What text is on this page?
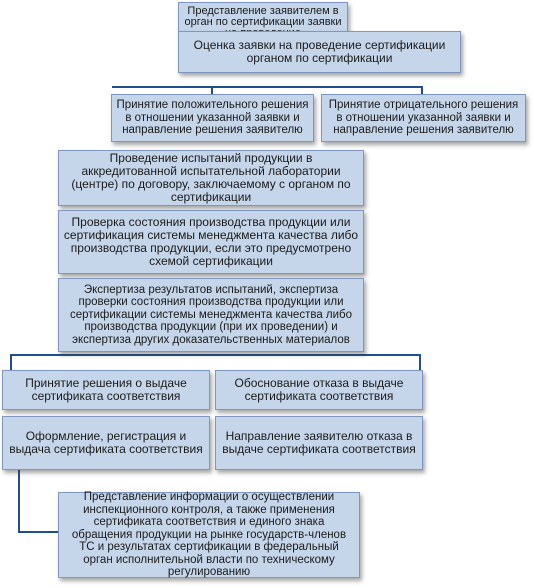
Представление заявителем в орган по сертификации заявки
Оценка заявки на проведение сертификации органом по сертификации
Принятие положительного решения в отношении указанной заявки и направление решения заявителю
Принятие отрицательного решения в отношении указанной заявки и направление решения заявителю
Проведение испытаний продукции в аккредитованной испытательной лаборатории (центре) по договору, заключаемому с органом по сертификации
Проверка состояния производства продукции или сертификация системы менеджмента качества либо производства продукции, если это предусмотрено схемой сертификации
Экспертиза результатов испытаний, экспертиза проверки состояния производства продукции или сертификации системы менеджмента качества либо производства продукции (при их проведении) и экспертиза других доказательственных материалов
Принятие решения о выдаче сертификата соответствия
Обоснование отказа в выдаче сертификата соответствия
Оформление, регистрация и выдача сертификата соответствия
Направление заявителю отказа в выдаче сертификата соответствия
Представление информации о осуществлении инспекционного контроля, а также применения сертификата соответствия и единого знака обращения продукции на рынке государств-членов ТС и результатах сертификации в федеральный орган исполнительной власти по техническому регулированию
